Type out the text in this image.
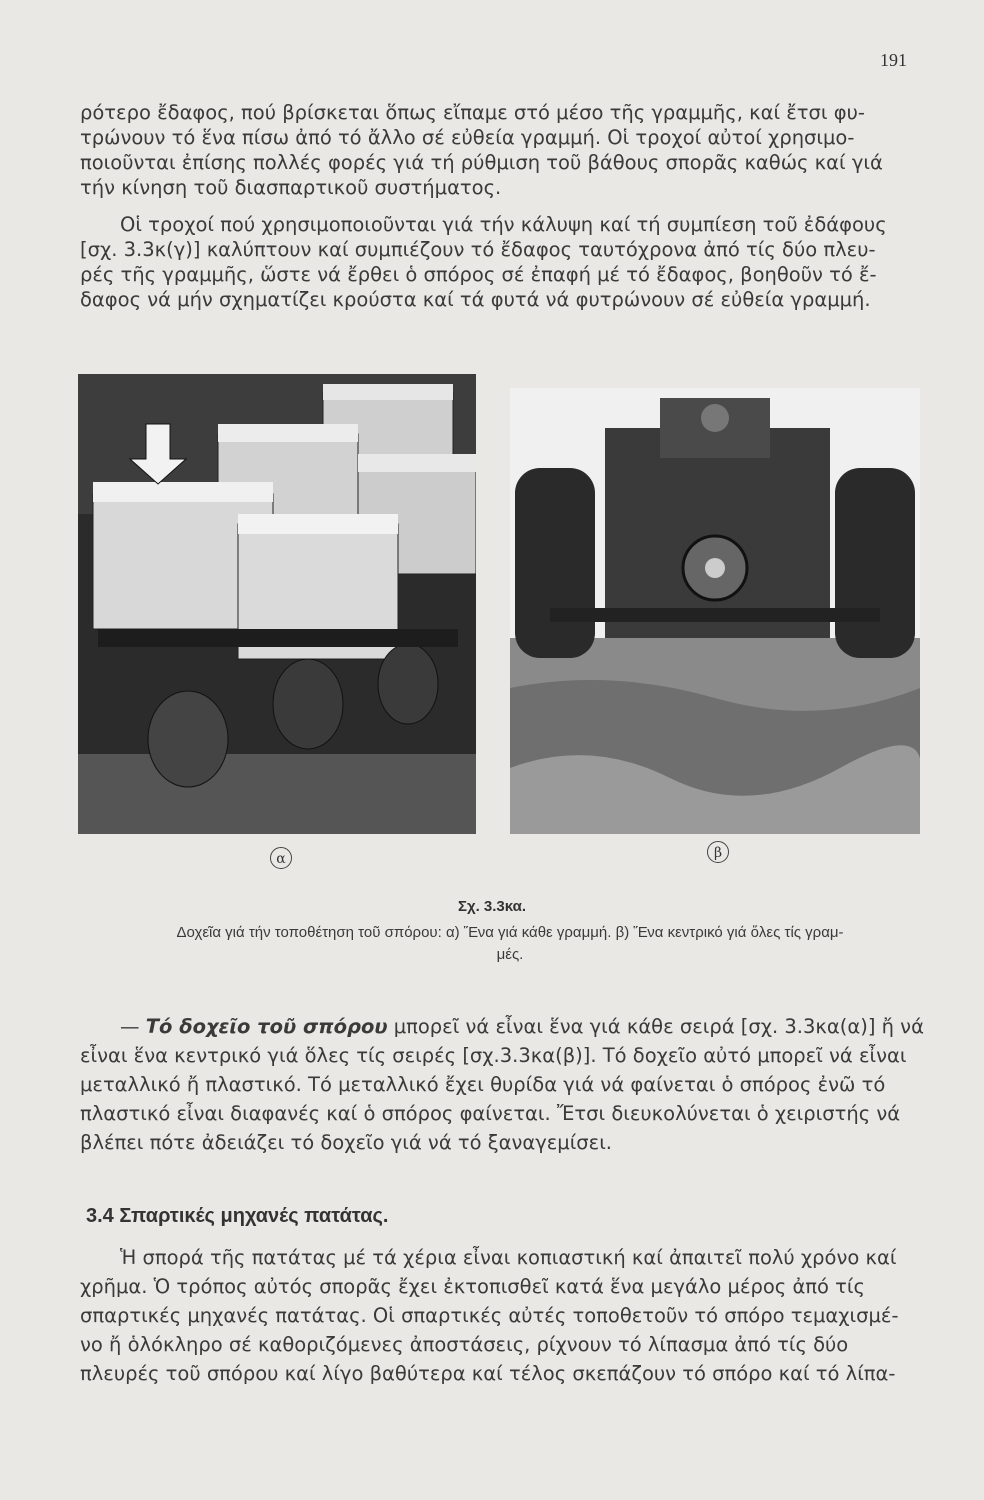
191

ρότερο ἔδαφος, πού βρίσκεται ὅπως εἴπαμε στό μέσο τῆς γραμμῆς, καί ἔτσι φυ-
τρώνουν τό ἕνα πίσω ἀπό τό ἄλλο σέ εὐθεία γραμμή. Οἱ τροχοί αὐτοί χρησιμο-
ποιοῦνται ἐπίσης πολλές φορές γιά τή ρύθμιση τοῦ βάθους σπορᾶς καθώς καί γιά
τήν κίνηση τοῦ διασπαρτικοῦ συστήματος.

Οἱ τροχοί πού χρησιμοποιοῦνται γιά τήν κάλυψη καί τή συμπίεση τοῦ ἐδάφους
[σχ. 3.3κ(γ)] καλύπτουν καί συμπιέζουν τό ἔδαφος ταυτόχρονα ἀπό τίς δύο πλευ-
ρές τῆς γραμμῆς, ὥστε νά ἔρθει ὁ σπόρος σέ ἐπαφή μέ τό ἔδαφος, βοηθοῦν τό ἔ-
δαφος νά μήν σχηματίζει κρούστα καί τά φυτά νά φυτρώνουν σέ εὐθεία γραμμή.

α	β
Σχ. 3.3κα.
Δοχεῖα γιά τήν τοποθέτηση τοῦ σπόρου: α) Ἕνα γιά κάθε γραμμή. β) Ἕνα κεντρικό γιά ὅλες τίς γραμ-
μές.

— Τό δοχεῖο τοῦ σπόρου μπορεῖ νά εἶναι ἕνα γιά κάθε σειρά [σχ. 3.3κα(α)] ἤ νά
εἶναι ἕνα κεντρικό γιά ὅλες τίς σειρές [σχ.3.3κα(β)]. Τό δοχεῖο αὐτό μπορεῖ νά εἶναι
μεταλλικό ἤ πλαστικό. Τό μεταλλικό ἔχει θυρίδα γιά νά φαίνεται ὁ σπόρος ἐνῶ τό
πλαστικό εἶναι διαφανές καί ὁ σπόρος φαίνεται. Ἔτσι διευκολύνεται ὁ χειριστής νά
βλέπει πότε ἀδειάζει τό δοχεῖο γιά νά τό ξαναγεμίσει.

3.4 Σπαρτικές μηχανές πατάτας.

Ἡ σπορά τῆς πατάτας μέ τά χέρια εἶναι κοπιαστική καί ἀπαιτεῖ πολύ χρόνο καί
χρῆμα. Ὁ τρόπος αὐτός σπορᾶς ἔχει ἐκτοπισθεῖ κατά ἕνα μεγάλο μέρος ἀπό τίς
σπαρτικές μηχανές πατάτας. Οἱ σπαρτικές αὐτές τοποθετοῦν τό σπόρο τεμαχισμέ-
νο ἤ ὁλόκληρο σέ καθοριζόμενες ἀποστάσεις, ρίχνουν τό λίπασμα ἀπό τίς δύο
πλευρές τοῦ σπόρου καί λίγο βαθύτερα καί τέλος σκεπάζουν τό σπόρο καί τό λίπα-
